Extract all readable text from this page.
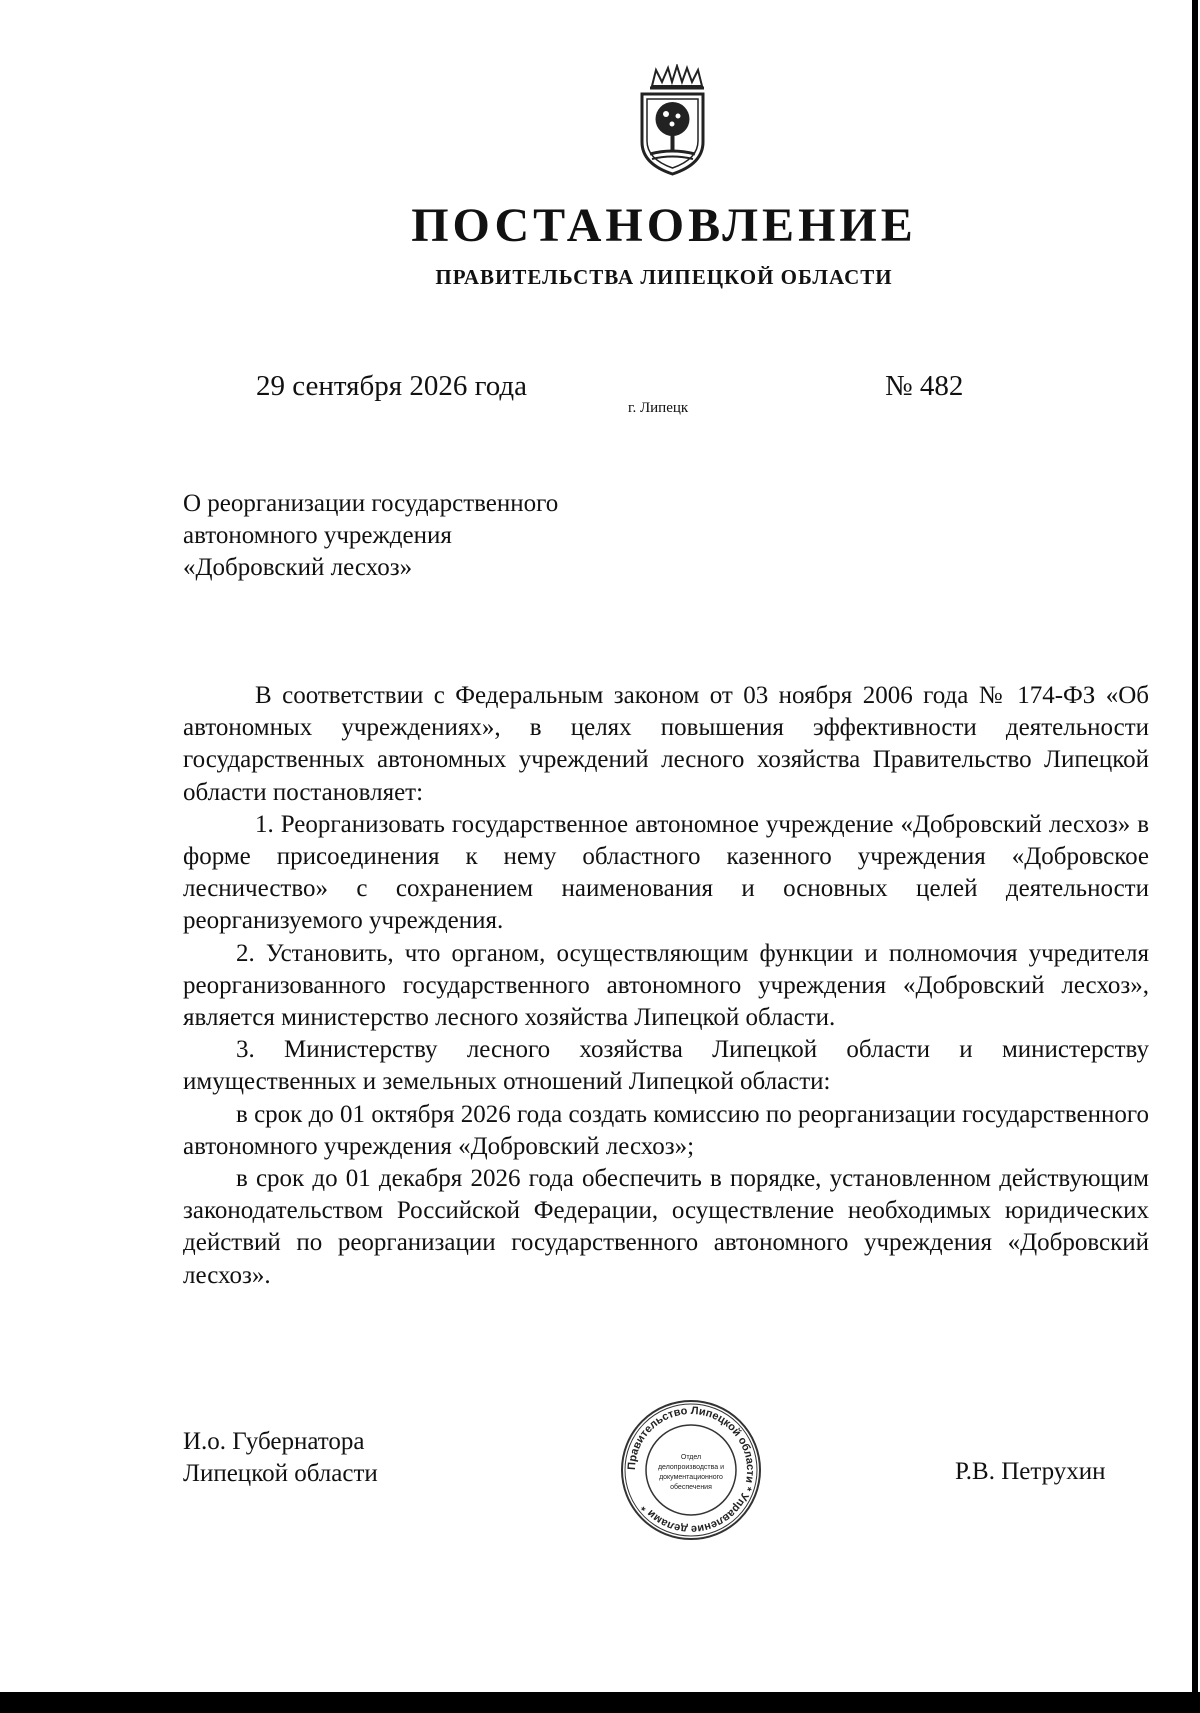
ПОСТАНОВЛЕНИЕ
ПРАВИТЕЛЬСТВА ЛИПЕЦКОЙ ОБЛАСТИ
29 сентября 2026 года
г. Липецк
№ 482
О реорганизации государственного
автономного учреждения
«Добровский лесхоз»

В соответствии с Федеральным законом от 03 ноября 2006 года № 174-ФЗ «Об автономных учреждениях», в целях повышения эффективности деятельности государственных автономных учреждений лесного хозяйства Правительство Липецкой области постановляет:

1. Реорганизовать государственное автономное учреждение «Добровский лесхоз» в форме присоединения к нему областного казенного учреждения «Добровское лесничество» с сохранением наименования и основных целей деятельности реорганизуемого учреждения.

2. Установить, что органом, осуществляющим функции и полномочия учредителя реорганизованного государственного автономного учреждения «Добровский лесхоз», является министерство лесного хозяйства Липецкой области.

3. Министерству лесного хозяйства Липецкой области и министерству имущественных и земельных отношений Липецкой области:

в срок до 01 октября 2026 года создать комиссию по реорганизации государственного автономного учреждения «Добровский лесхоз»;

в срок до 01 декабря 2026 года обеспечить в порядке, установленном действующим законодательством Российской Федерации, осуществление необходимых юридических действий по реорганизации государственного автономного учреждения «Добровский лесхоз».

И.о. Губернатора
Липецкой области	Правительство Липецкой области * Управление делами *
Отдел
делопроизводства и
документационного
обеспечения
Р.В. Петрухин
